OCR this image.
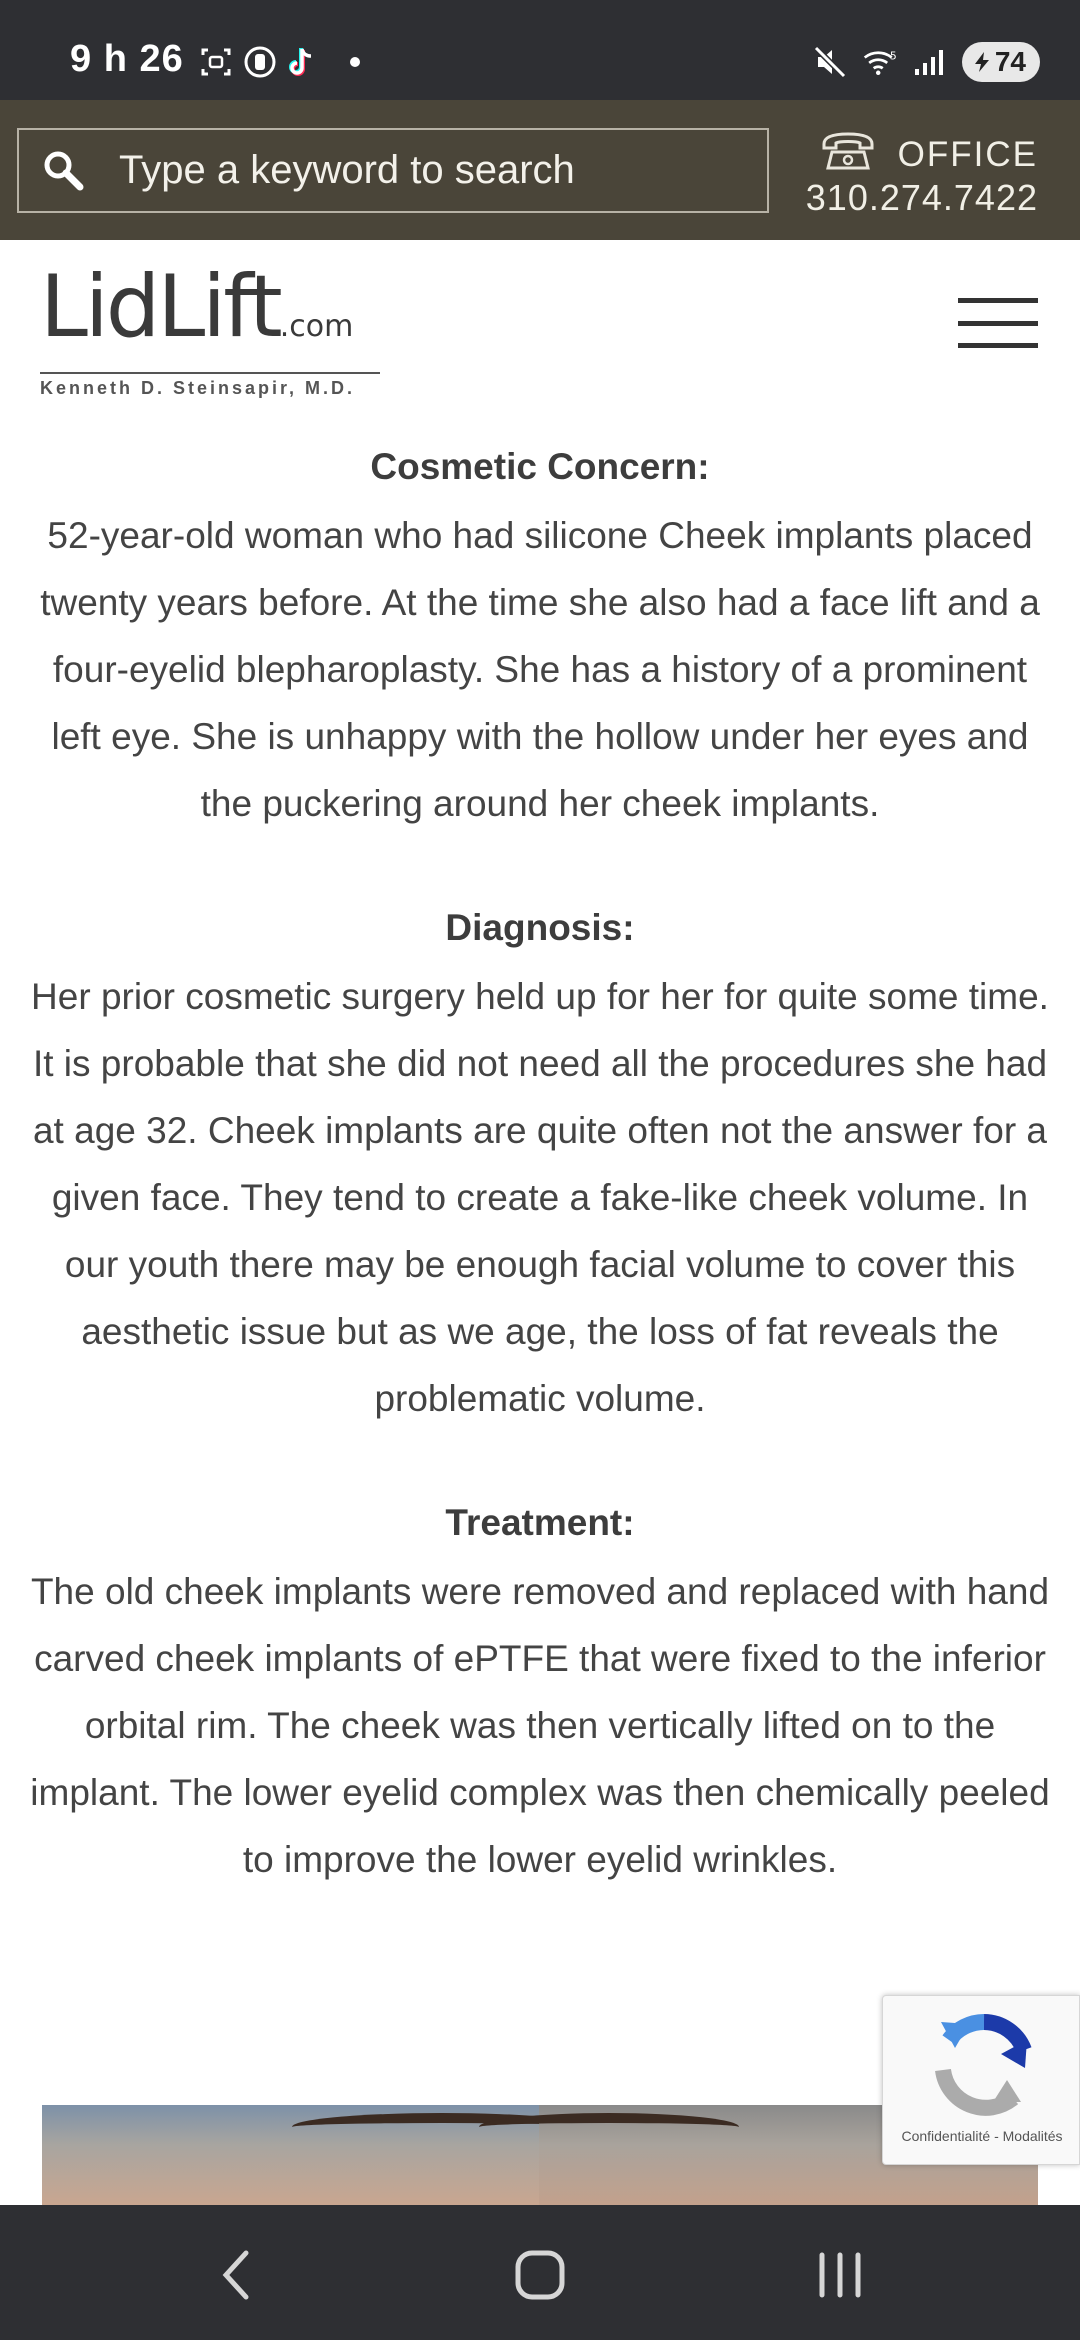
9 h 26	5	74
Type a keyword to search	OFFICE
310.274.7422
LidLift.com
Kenneth D. Steinsapir, M.D.
Cosmetic Concern:
52-year-old woman who had silicone Cheek implants placed twenty years before. At the time she also had a face lift and a four-eyelid blepharoplasty. She has a history of a prominent left eye. She is unhappy with the hollow under her eyes and the puckering around her cheek implants.
Diagnosis:
Her prior cosmetic surgery held up for her for quite some time. It is probable that she did not need all the procedures she had at age 32. Cheek implants are quite often not the answer for a given face. They tend to create a fake-like cheek volume. In our youth there may be enough facial volume to cover this aesthetic issue but as we age, the loss of fat reveals the problematic volume.
Treatment:
The old cheek implants were removed and replaced with hand carved cheek implants of ePTFE that were fixed to the inferior orbital rim. The cheek was then vertically lifted on to the implant. The lower eyelid complex was then chemically peeled to improve the lower eyelid wrinkles.
Confidentialité - Modalités
